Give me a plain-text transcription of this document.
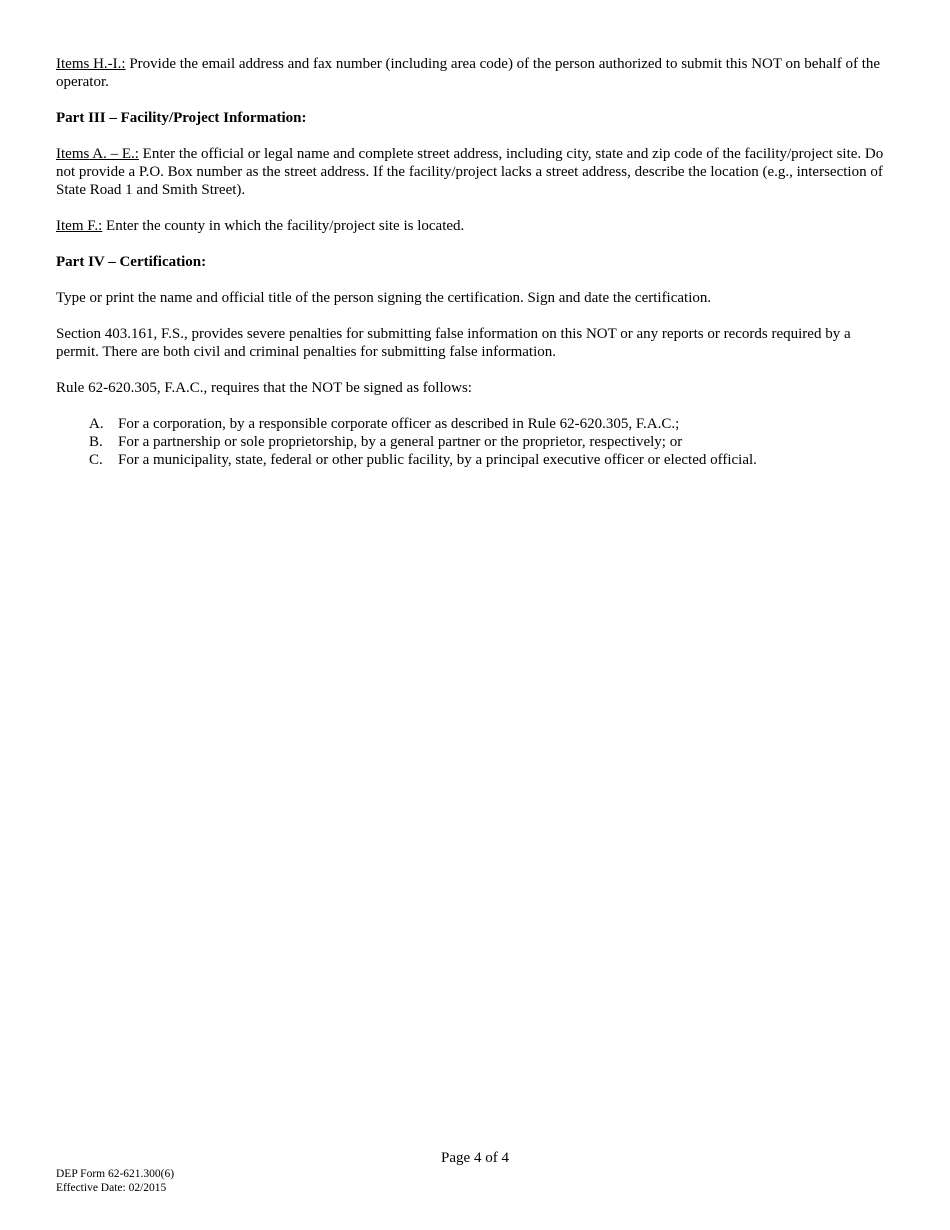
Items H.-I.: Provide the email address and fax number (including area code) of the person authorized to submit this NOT on behalf of the operator.

Part III – Facility/Project Information:

Items A. – E.: Enter the official or legal name and complete street address, including city, state and zip code of the facility/project site. Do not provide a P.O. Box number as the street address. If the facility/project lacks a street address, describe the location (e.g., intersection of State Road 1 and Smith Street).

Item F.: Enter the county in which the facility/project site is located.

Part IV – Certification:

Type or print the name and official title of the person signing the certification. Sign and date the certification.

Section 403.161, F.S., provides severe penalties for submitting false information on this NOT or any reports or records required by a permit. There are both civil and criminal penalties for submitting false information.

Rule 62-620.305, F.A.C., requires that the NOT be signed as follows:

A. For a corporation, by a responsible corporate officer as described in Rule 62-620.305, F.A.C.;
B.	For a partnership or sole proprietorship, by a general partner or the proprietor, respectively; or
C.	For a municipality, state, federal or other public facility, by a principal executive officer or elected official.
Page 4 of 4
DEP Form 62-621.300(6)
Effective Date: 02/2015
